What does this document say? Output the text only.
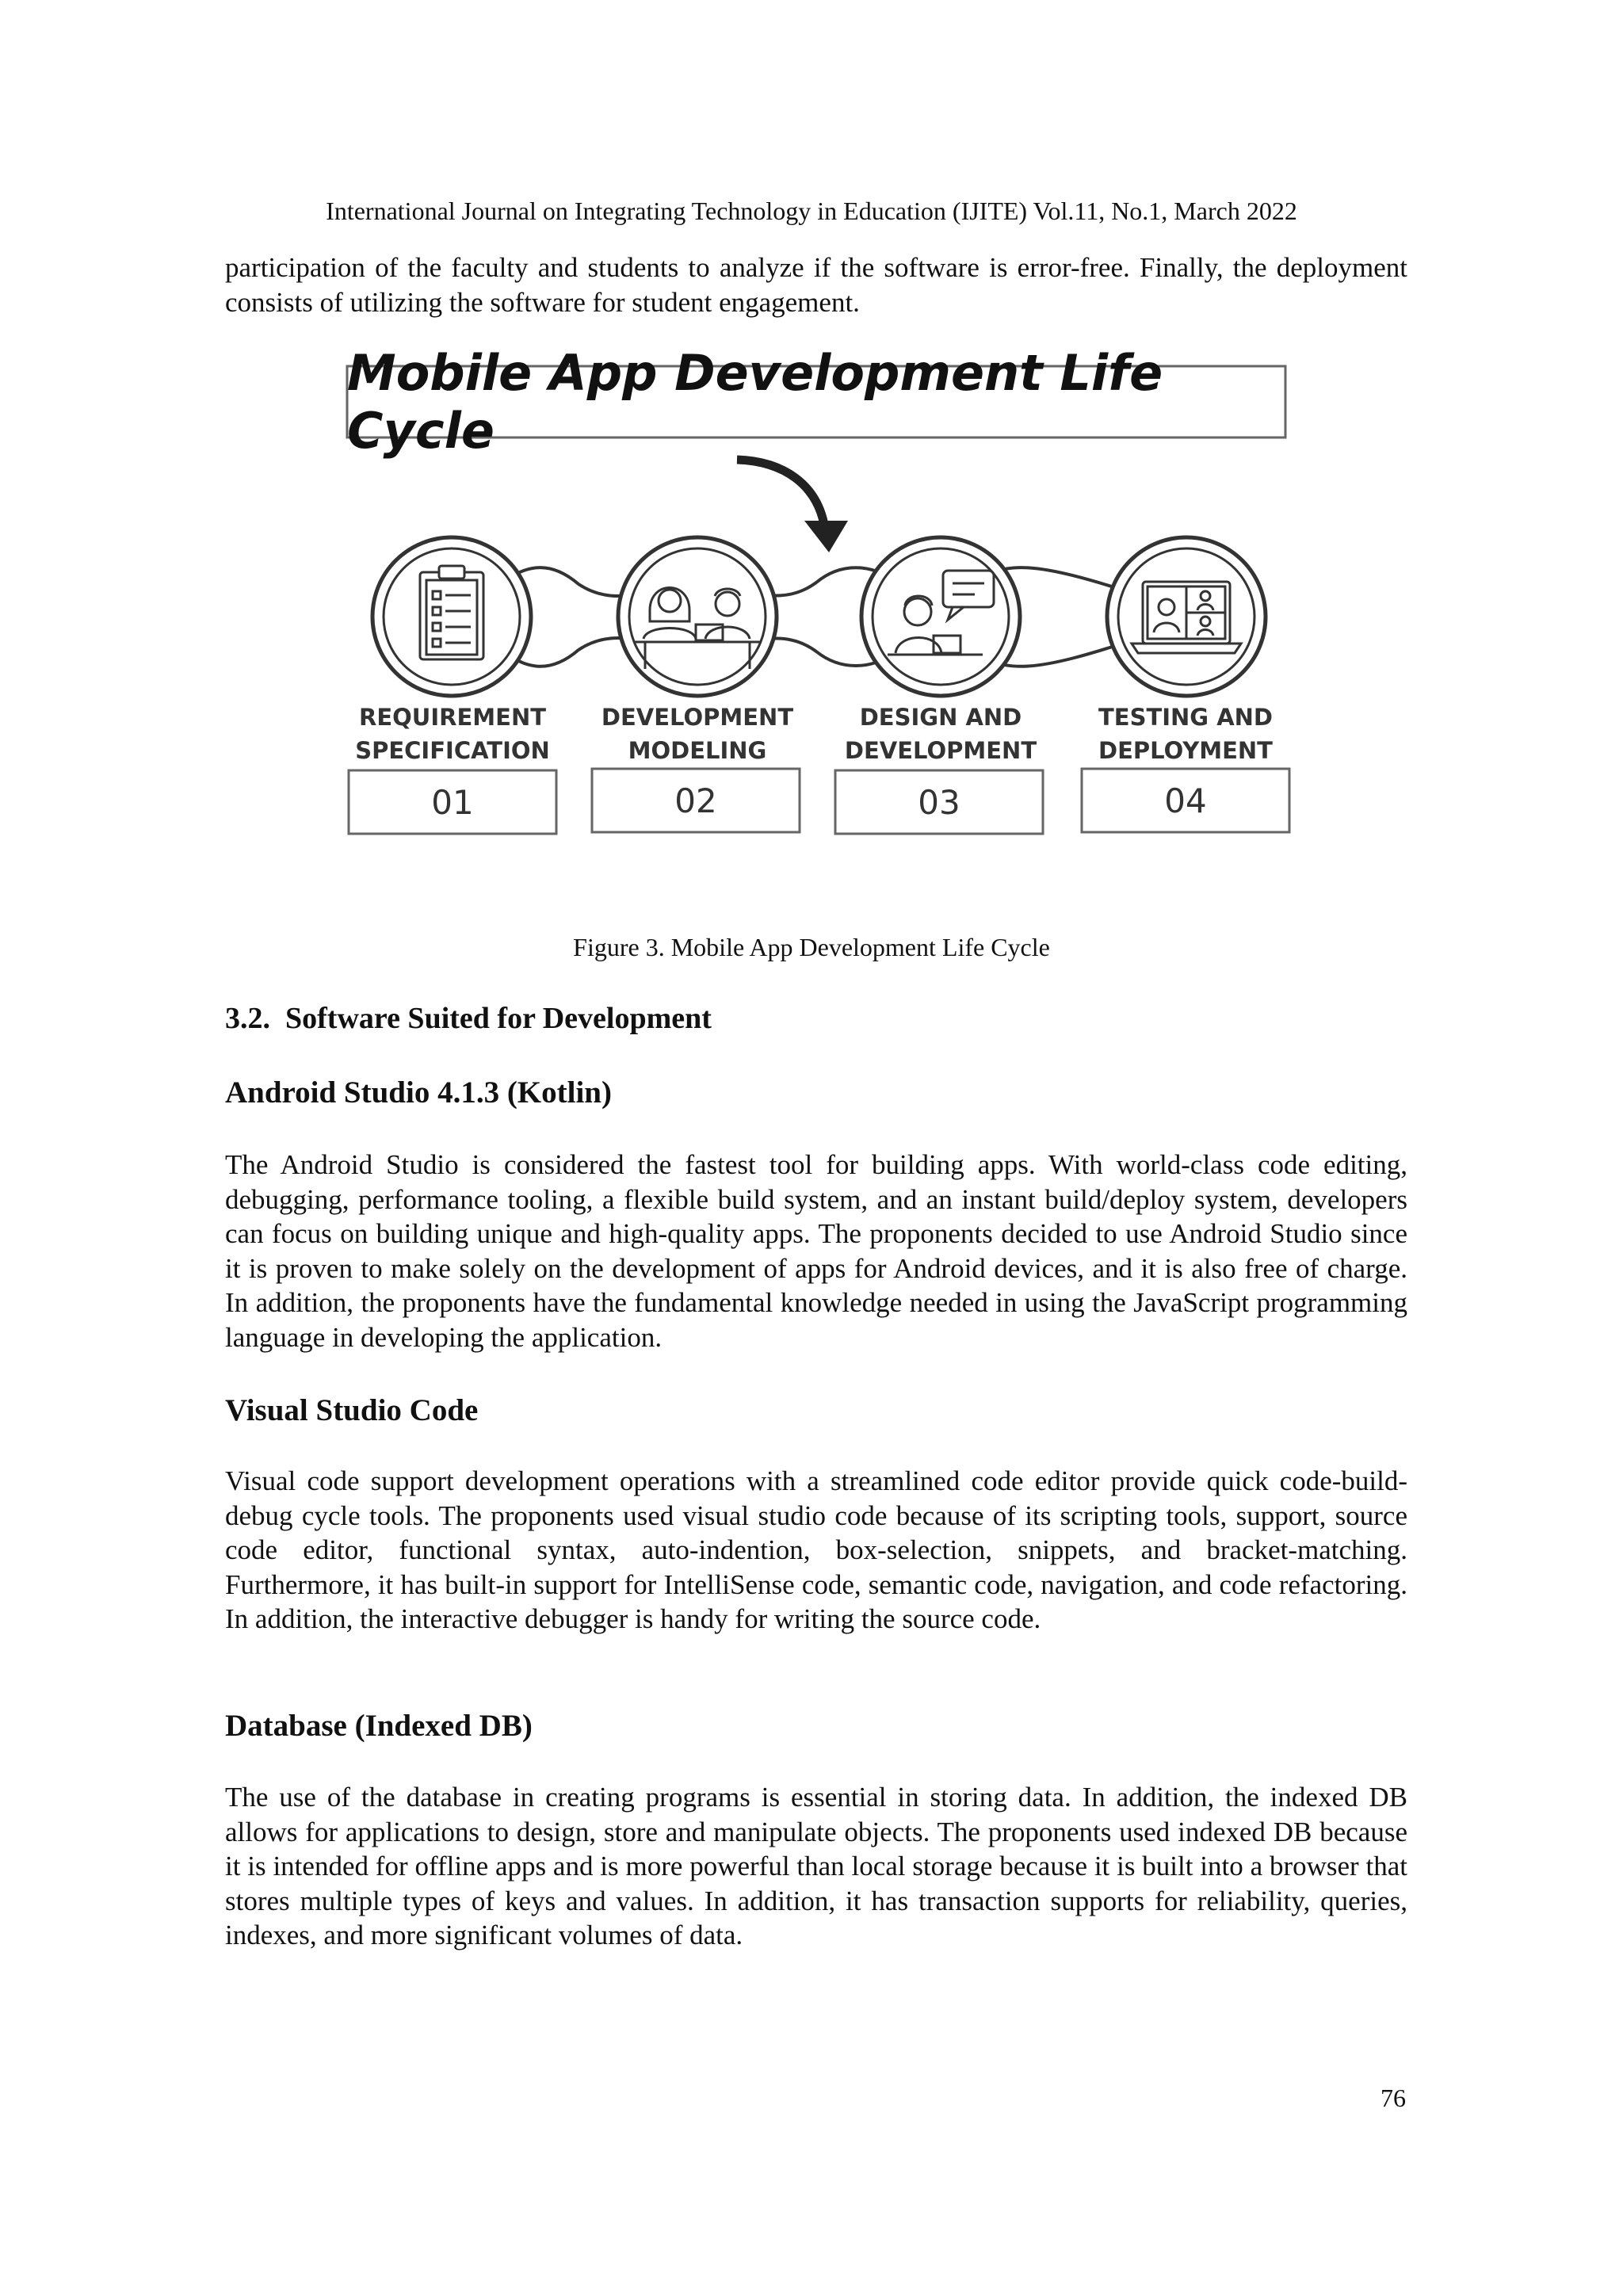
International Journal on Integrating Technology in Education (IJITE) Vol.11, No.1, March 2022

participation of the faculty and students to analyze if the software is error-free. Finally, the deployment consists of utilizing the software for student engagement.

Mobile App Development Life Cycle
REQUIREMENT
SPECIFICATION
DEVELOPMENT
MODELING
DESIGN AND
DEVELOPMENT
TESTING AND
DEPLOYMENT
01	02	03	04
Figure 3. Mobile App Development Life Cycle
3.2. Software Suited for Development
Android Studio 4.1.3 (Kotlin)

The Android Studio is considered the fastest tool for building apps. With world-class code editing, debugging, performance tooling, a flexible build system, and an instant build/deploy system, developers can focus on building unique and high-quality apps. The proponents decided to use Android Studio since it is proven to make solely on the development of apps for Android devices, and it is also free of charge. In addition, the proponents have the fundamental knowledge needed in using the JavaScript programming language in developing the application.

Visual Studio Code

Visual code support development operations with a streamlined code editor provide quick code-build-debug cycle tools. The proponents used visual studio code because of its scripting tools, support, source code editor, functional syntax, auto-indention, box-selection, snippets, and bracket-matching. Furthermore, it has built-in support for IntelliSense code, semantic code, navigation, and code refactoring. In addition, the interactive debugger is handy for writing the source code.

Database (Indexed DB)

The use of the database in creating programs is essential in storing data. In addition, the indexed DB allows for applications to design, store and manipulate objects. The proponents used indexed DB because it is intended for offline apps and is more powerful than local storage because it is built into a browser that stores multiple types of keys and values. In addition, it has transaction supports for reliability, queries, indexes, and more significant volumes of data.

76
